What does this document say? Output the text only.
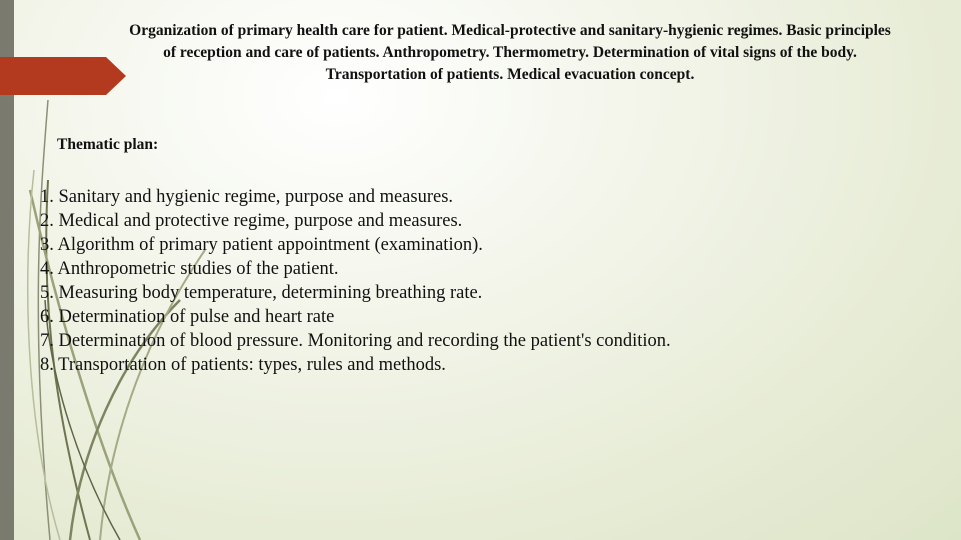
Organization of primary health care for patient. Medical-protective and sanitary-hygienic regimes. Basic principles of reception and care of patients. Anthropometry. Thermometry. Determination of vital signs of the body. Transportation of patients. Medical evacuation concept.
Thematic plan:
1. Sanitary and hygienic regime, purpose and measures.
2. Medical and protective regime, purpose and measures.
3. Algorithm of primary patient appointment (examination).
4. Anthropometric studies of the patient.
5. Measuring body temperature, determining breathing rate.
6. Determination of pulse and heart rate
7. Determination of blood pressure. Monitoring and recording the patient's condition.
8. Transportation of patients: types, rules and methods.
